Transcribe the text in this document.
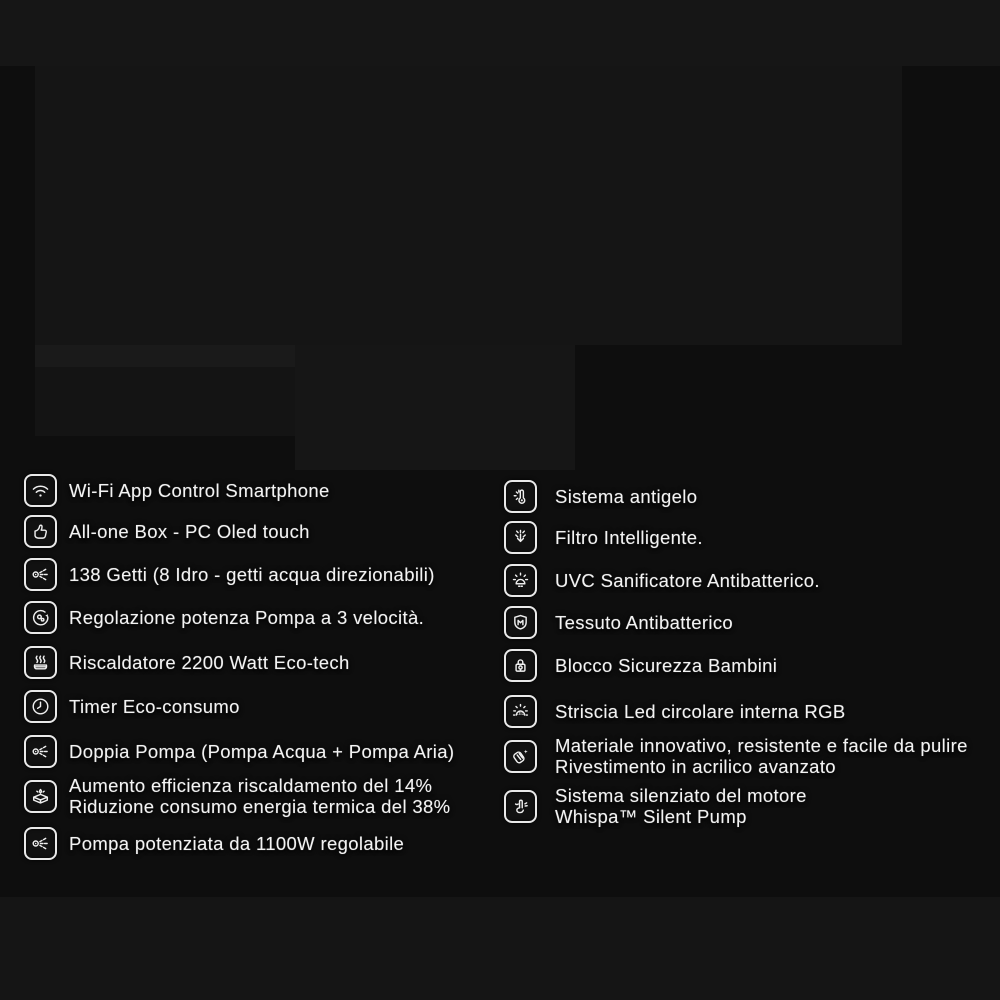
Wi-Fi App Control Smartphone
All-one Box - PC Oled touch
138 Getti (8 Idro - getti acqua direzionabili)
Regolazione potenza Pompa a 3 velocità.
Riscaldatore 2200 Watt Eco-tech
Timer Eco-consumo
Doppia Pompa (Pompa Acqua + Pompa Aria)
Aumento efficienza riscaldamento del 14%
Riduzione consumo energia termica del 38%
Pompa potenziata da 1100W regolabile
Sistema antigelo
Filtro Intelligente.
UVC Sanificatore Antibatterico.
Tessuto Antibatterico
Blocco Sicurezza Bambini
LED Striscia Led circolare interna RGB
Materiale innovativo, resistente e facile da pulire
Rivestimento in acrilico avanzato
Sistema silenziato del motore
Whispa™ Silent Pump
